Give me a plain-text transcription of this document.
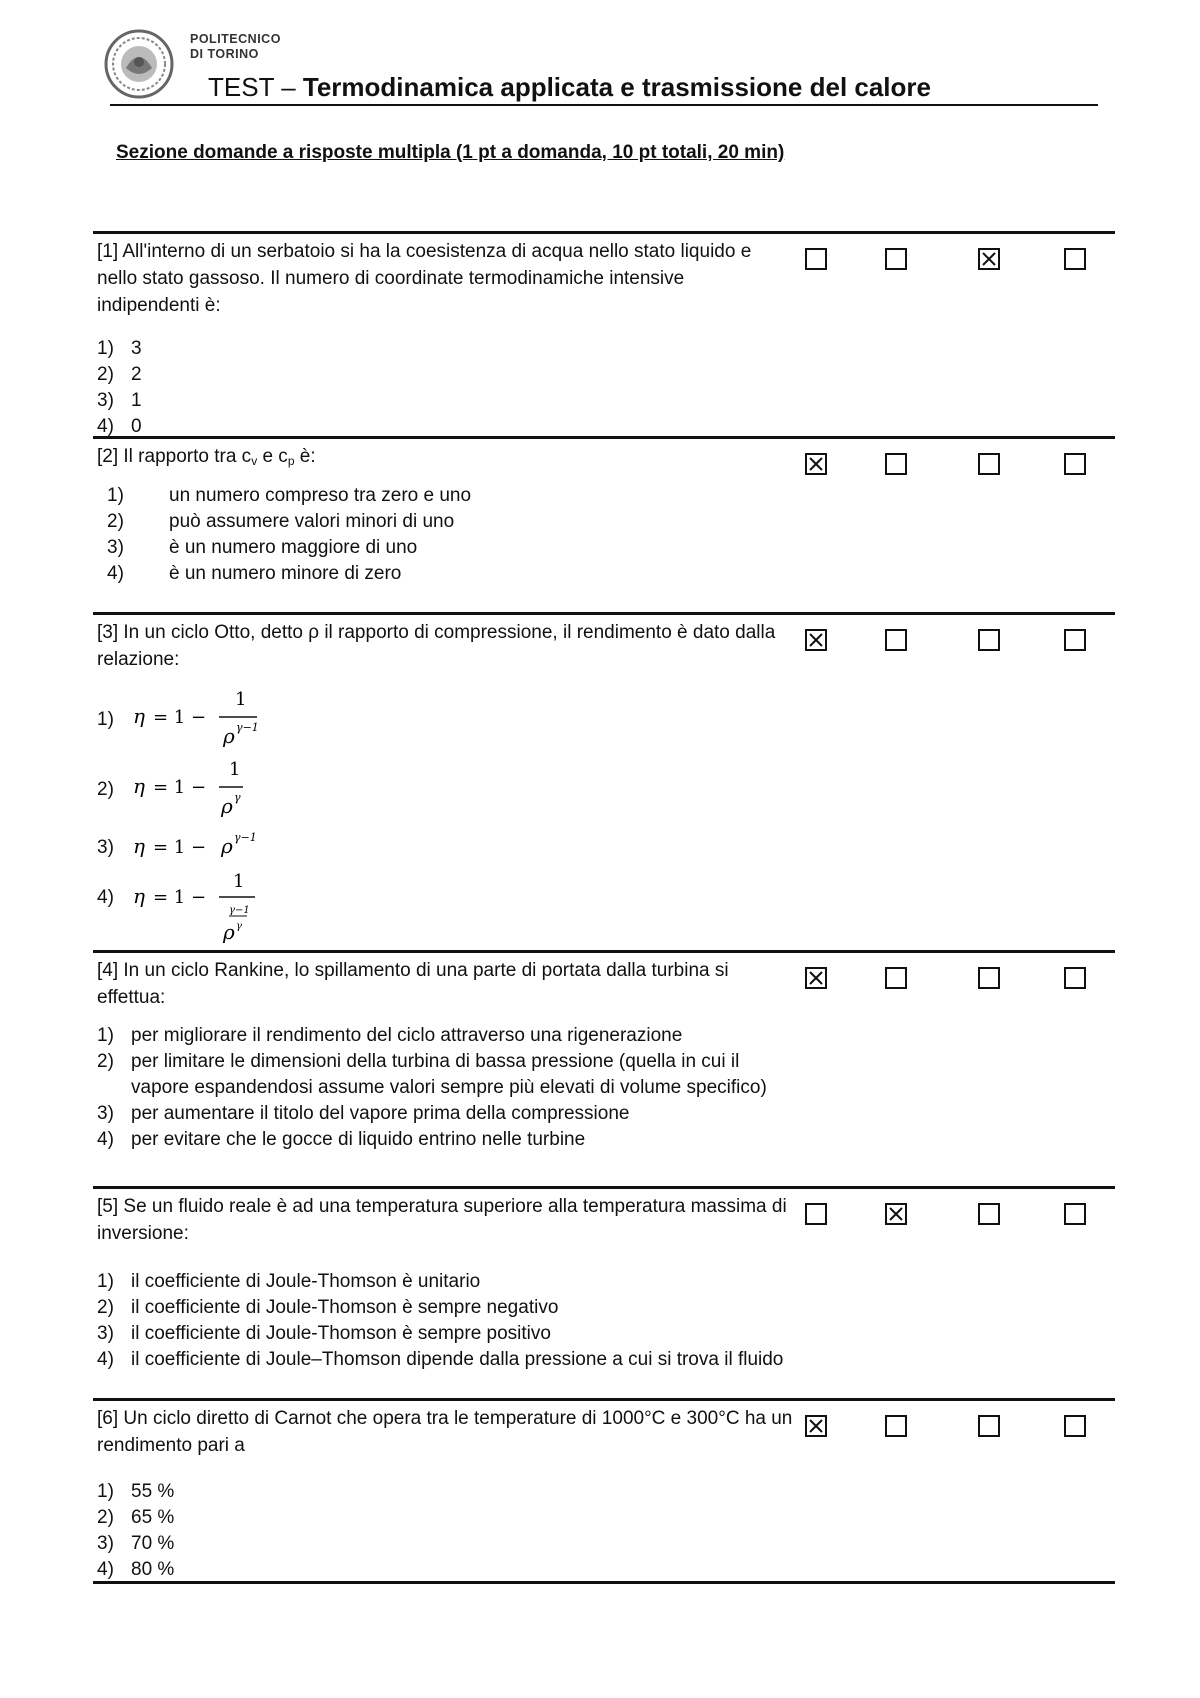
POLITECNICO
DI TORINO
TEST – Termodinamica applicata e trasmissione del calore
Sezione domande a risposte multipla (1 pt a domanda, 10 pt totali, 20 min)
[1] All'interno di un serbatoio si ha la coesistenza di acqua nello stato liquido e nello stato gassoso. Il numero di coordinate termodinamiche intensive indipendenti è:
1) 3
2) 2
3) 1
4) 0
[2] Il rapporto tra $c_v$ e $c_p$ è:
1) un numero compreso tra zero e uno
2) può assumere valori minori di uno
3) è un numero maggiore di uno
4) è un numero minore di zero
[3] In un ciclo Otto, detto ρ il rapporto di compressione, il rendimento è dato dalla relazione:
1) η = 1 −
1
ρ γ−1
2) η = 1 −
1
ρ γ
3) η = 1 − ρ γ−1
4) η = 1 −
1
γ−1
ρ γ
[4] In un ciclo Rankine, lo spillamento di una parte di portata dalla turbina si effettua:
1) per migliorare il rendimento del ciclo attraverso una rigenerazione
2) per limitare le dimensioni della turbina di bassa pressione (quella in cui il vapore espandendosi assume valori sempre più elevati di volume specifico)
3) per aumentare il titolo del vapore prima della compressione
4) per evitare che le gocce di liquido entrino nelle turbine
[5] Se un fluido reale è ad una temperatura superiore alla temperatura massima di inversione:
1) il coefficiente di Joule-Thomson è unitario
2) il coefficiente di Joule-Thomson è sempre negativo
3) il coefficiente di Joule-Thomson è sempre positivo
4) il coefficiente di Joule–Thomson dipende dalla pressione a cui si trova il fluido
[6] Un ciclo diretto di Carnot che opera tra le temperature di 1000°C e 300°C ha un rendimento pari a
1) 55 %
2) 65 %
3) 70 %
4) 80 %
